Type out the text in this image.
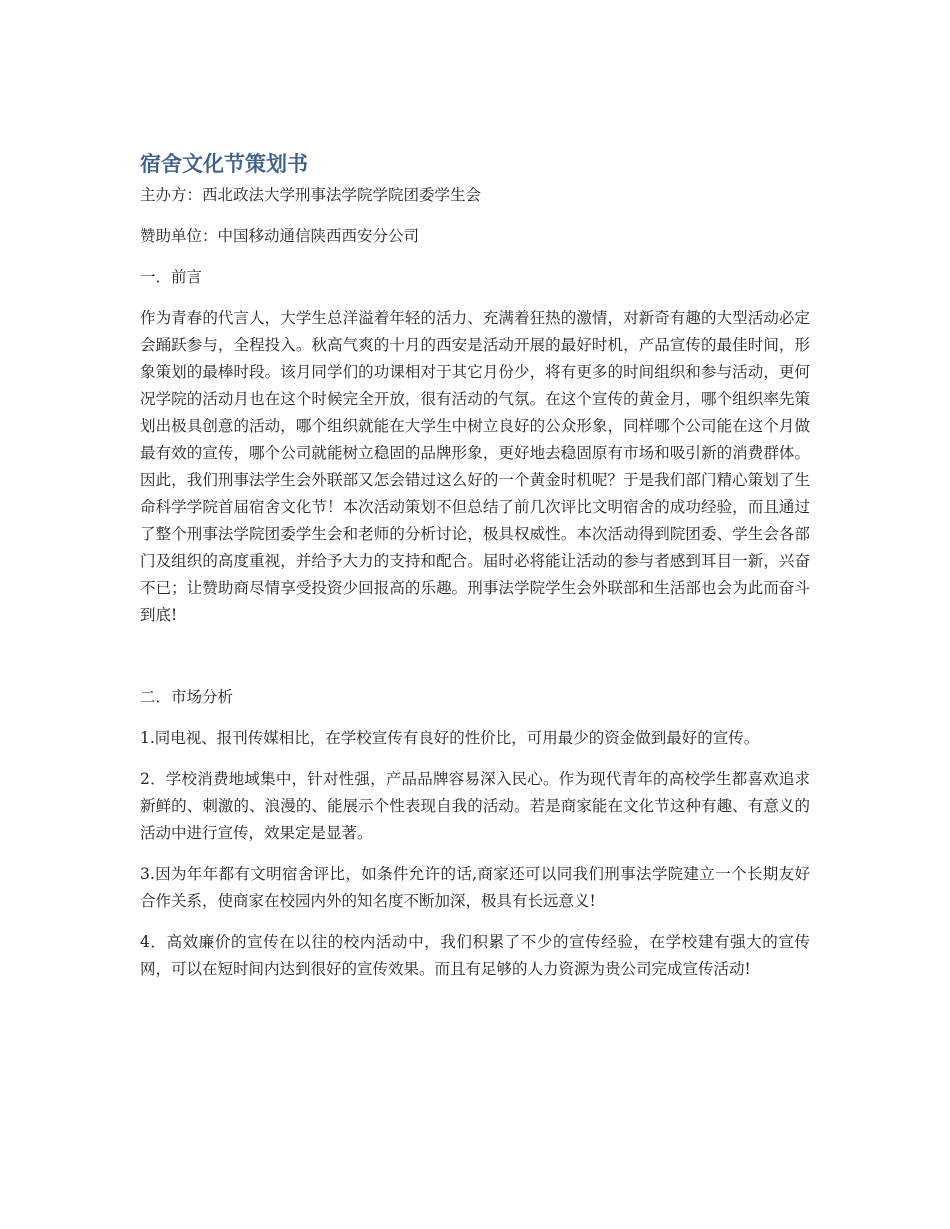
宿舍文化节策划书

主办方：西北政法大学刑事法学院学院团委学生会

赞助单位：中国移动通信陕西西安分公司

一．前言

作为青春的代言人，大学生总洋溢着年轻的活力、充满着狂热的激情，对新奇有趣的大型活动必定会踊跃参与，全程投入。秋高气爽的十月的西安是活动开展的最好时机，产品宣传的最佳时间，形象策划的最棒时段。该月同学们的功课相对于其它月份少，将有更多的时间组织和参与活动，更何况学院的活动月也在这个时候完全开放，很有活动的气氛。在这个宣传的黄金月，哪个组织率先策划出极具创意的活动，哪个组织就能在大学生中树立良好的公众形象，同样哪个公司能在这个月做最有效的宣传，哪个公司就能树立稳固的品牌形象，更好地去稳固原有市场和吸引新的消费群体。因此，我们刑事法学生会外联部又怎会错过这么好的一个黄金时机呢？于是我们部门精心策划了生命科学学院首届宿舍文化节！本次活动策划不但总结了前几次评比文明宿舍的成功经验，而且通过了整个刑事法学院团委学生会和老师的分析讨论，极具权威性。本次活动得到院团委、学生会各部门及组织的高度重视，并给予大力的支持和配合。届时必将能让活动的参与者感到耳目一新，兴奋不已；让赞助商尽情享受投资少回报高的乐趣。刑事法学院学生会外联部和生活部也会为此而奋斗到底!

二．市场分析

1.同电视、报刊传媒相比，在学校宣传有良好的性价比，可用最少的资金做到最好的宣传。

2．学校消费地域集中，针对性强，产品品牌容易深入民心。作为现代青年的高校学生都喜欢追求新鲜的、刺激的、浪漫的、能展示个性表现自我的活动。若是商家能在文化节这种有趣、有意义的活动中进行宣传，效果定是显著。

3.因为年年都有文明宿舍评比，如条件允许的话,商家还可以同我们刑事法学院建立一个长期友好合作关系，使商家在校园内外的知名度不断加深，极具有长远意义!

4．高效廉价的宣传在以往的校内活动中，我们积累了不少的宣传经验，在学校建有强大的宣传网，可以在短时间内达到很好的宣传效果。而且有足够的人力资源为贵公司完成宣传活动!
